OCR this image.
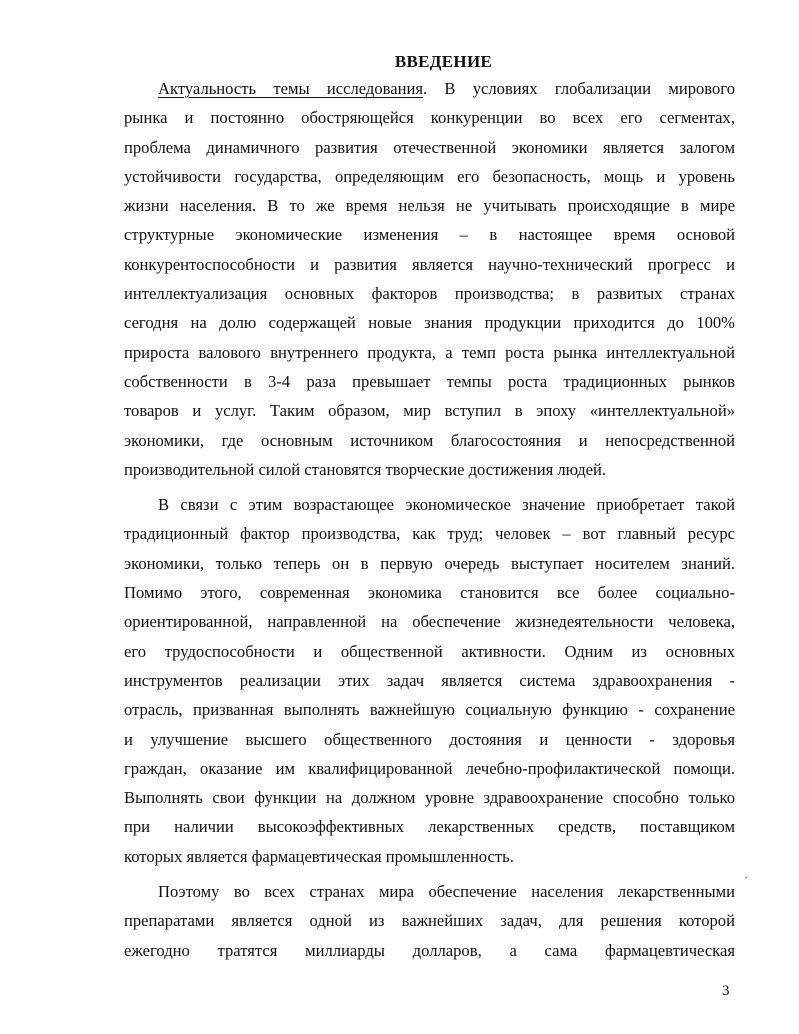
ВВЕДЕНИЕ
Актуальность темы исследования. В условиях глобализации мирового
рынка и постоянно обостряющейся конкуренции во всех его сегментах,
проблема динамичного развития отечественной экономики является залогом
устойчивости государства, определяющим его безопасность, мощь и уровень
жизни населения. В то же время нельзя не учитывать происходящие в мире
структурные экономические изменения – в настоящее время основой
конкурентоспособности и развития является научно-технический прогресс и
интеллектуализация основных факторов производства; в развитых странах
сегодня на долю содержащей новые знания продукции приходится до 100%
прироста валового внутреннего продукта, а темп роста рынка интеллектуальной
собственности в 3-4 раза превышает темпы роста традиционных рынков
товаров и услуг. Таким образом, мир вступил в эпоху «интеллектуальной»
экономики, где основным источником благосостояния и непосредственной
производительной силой становятся творческие достижения людей.
В связи с этим возрастающее экономическое значение приобретает такой
традиционный фактор производства, как труд; человек – вот главный ресурс
экономики, только теперь он в первую очередь выступает носителем знаний.
Помимо этого, современная экономика становится все более социально-
ориентированной, направленной на обеспечение жизнедеятельности человека,
его трудоспособности и общественной активности. Одним из основных
инструментов реализации этих задач является система здравоохранения -
отрасль, призванная выполнять важнейшую социальную функцию - сохранение
и улучшение высшего общественного достояния и ценности - здоровья
граждан, оказание им квалифицированной лечебно-профилактической помощи.
Выполнять свои функции на должном уровне здравоохранение способно только
при наличии высокоэффективных лекарственных средств, поставщиком
которых является фармацевтическая промышленность.
Поэтому во всех странах мира обеспечение населения лекарственными
препаратами является одной из важнейших задач, для решения которой
ежегодно тратятся миллиарды долларов, а сама фармацевтическая
ˊ
3
